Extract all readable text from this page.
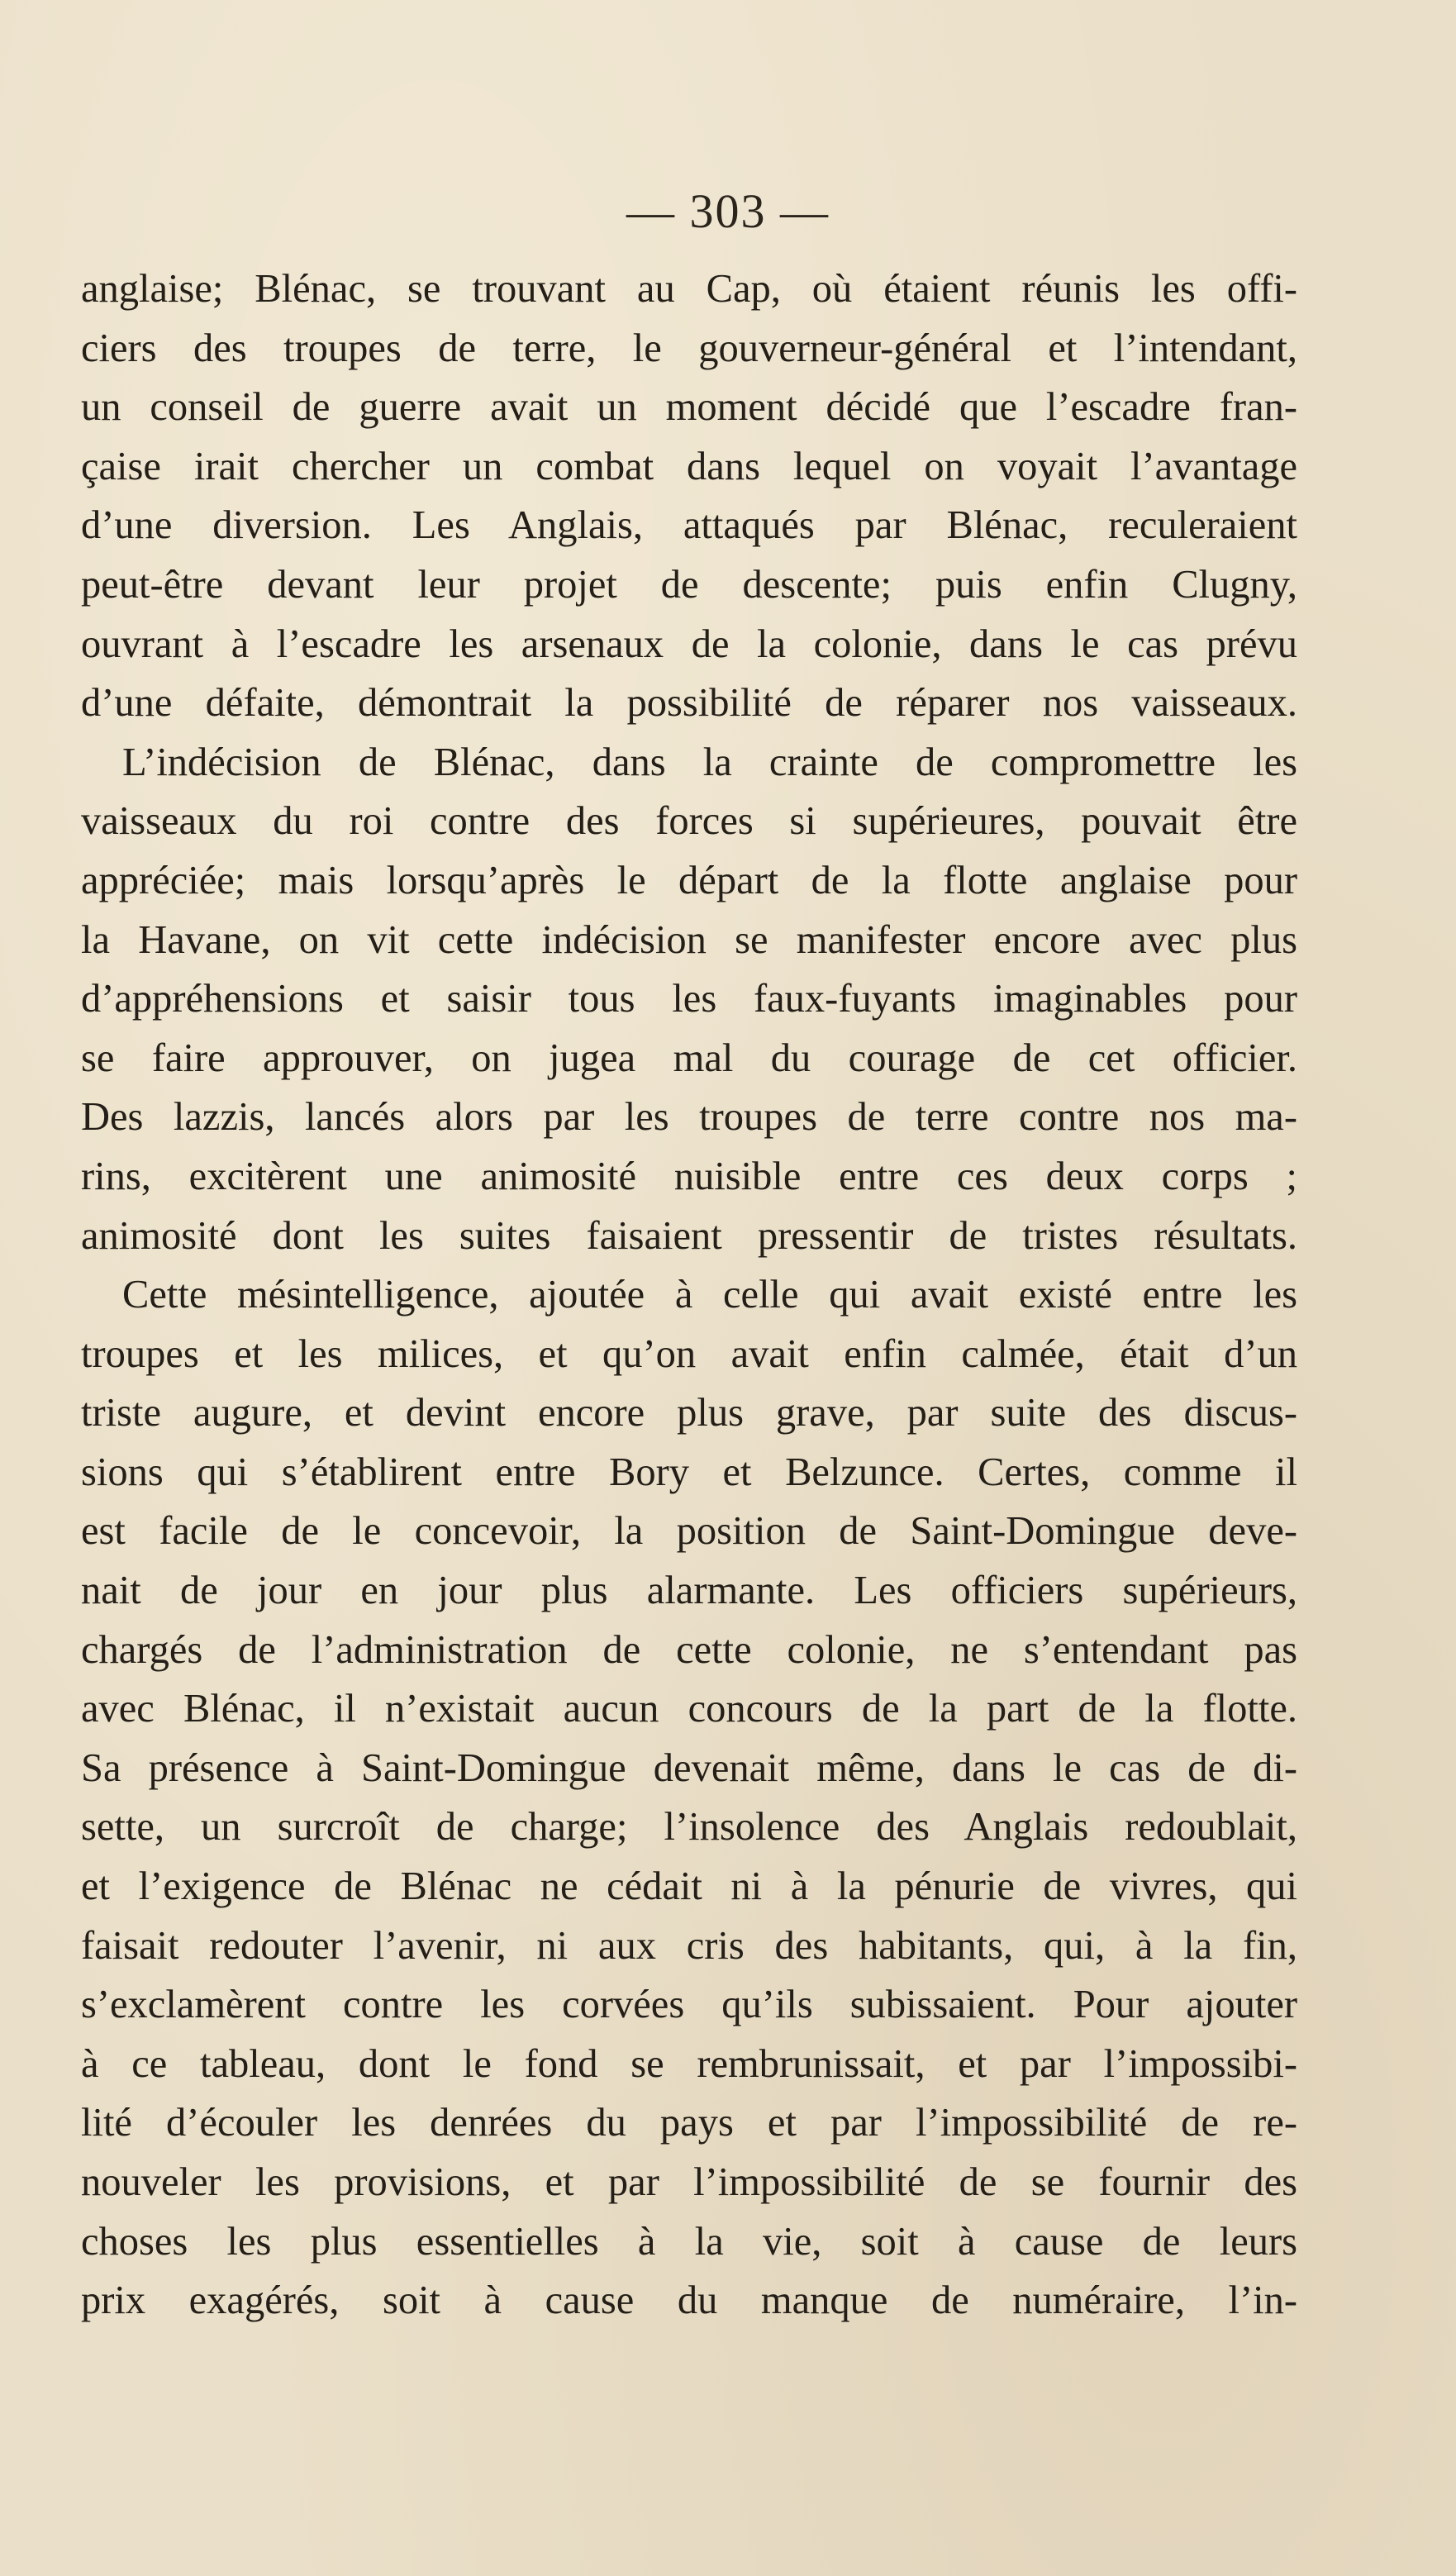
— 303 —
anglaise; Blénac, se trouvant au Cap, où étaient réunis les offi-
ciers des troupes de terre, le gouverneur-général et l’intendant,
un conseil de guerre avait un moment décidé que l’escadre fran-
çaise irait chercher un combat dans lequel on voyait l’avantage
d’une diversion. Les Anglais, attaqués par Blénac, reculeraient
peut-être devant leur projet de descente; puis enfin Clugny,
ouvrant à l’escadre les arsenaux de la colonie, dans le cas prévu
d’une défaite, démontrait la possibilité de réparer nos vaisseaux.
L’indécision de Blénac, dans la crainte de compromettre les
vaisseaux du roi contre des forces si supérieures, pouvait être
appréciée; mais lorsqu’après le départ de la flotte anglaise pour
la Havane, on vit cette indécision se manifester encore avec plus
d’appréhensions et saisir tous les faux-fuyants imaginables pour
se faire approuver, on jugea mal du courage de cet officier.
Des lazzis, lancés alors par les troupes de terre contre nos ma-
rins, excitèrent une animosité nuisible entre ces deux corps ;
animosité dont les suites faisaient pressentir de tristes résultats.
Cette mésintelligence, ajoutée à celle qui avait existé entre les
troupes et les milices, et qu’on avait enfin calmée, était d’un
triste augure, et devint encore plus grave, par suite des discus-
sions qui s’établirent entre Bory et Belzunce. Certes, comme il
est facile de le concevoir, la position de Saint-Domingue deve-
nait de jour en jour plus alarmante. Les officiers supérieurs,
chargés de l’administration de cette colonie, ne s’entendant pas
avec Blénac, il n’existait aucun concours de la part de la flotte.
Sa présence à Saint-Domingue devenait même, dans le cas de di-
sette, un surcroît de charge; l’insolence des Anglais redoublait,
et l’exigence de Blénac ne cédait ni à la pénurie de vivres, qui
faisait redouter l’avenir, ni aux cris des habitants, qui, à la fin,
s’exclamèrent contre les corvées qu’ils subissaient. Pour ajouter
à ce tableau, dont le fond se rembrunissait, et par l’impossibi-
lité d’écouler les denrées du pays et par l’impossibilité de re-
nouveler les provisions, et par l’impossibilité de se fournir des
choses les plus essentielles à la vie, soit à cause de leurs
prix exagérés, soit à cause du manque de numéraire, l’in-
